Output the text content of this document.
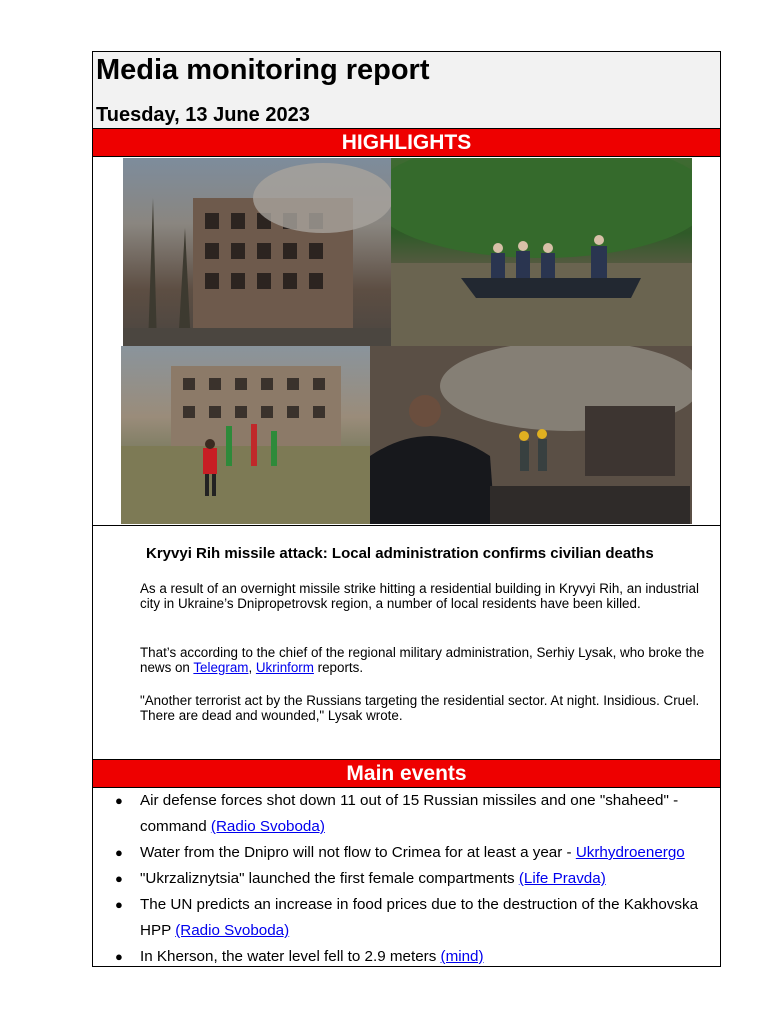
Media monitoring report
Tuesday, 13 June 2023
HIGHLIGHTS
Kryvyi Rih missile attack: Local administration confirms civilian deaths

As a result of an overnight missile strike hitting a residential building in Kryvyi Rih, an industrial city in Ukraine’s Dnipropetrovsk region, a number of local residents have been killed.

That’s according to the chief of the regional military administration, Serhiy Lysak, who broke the news on Telegram, Ukrinform reports.

"Another terrorist act by the Russians targeting the residential sector. At night. Insidious. Cruel. There are dead and wounded," Lysak wrote.

Main events
● Air defense forces shot down 11 out of 15 Russian missiles and one "shaheed" - command (Radio Svoboda)
● Water from the Dnipro will not flow to Crimea for at least a year - Ukrhydroenergo
● "Ukrzaliznytsia" launched the first female compartments (Life Pravda)
● The UN predicts an increase in food prices due to the destruction of the Kakhovska HPP (Radio Svoboda)
● In Kherson, the water level fell to 2.9 meters (mind)
